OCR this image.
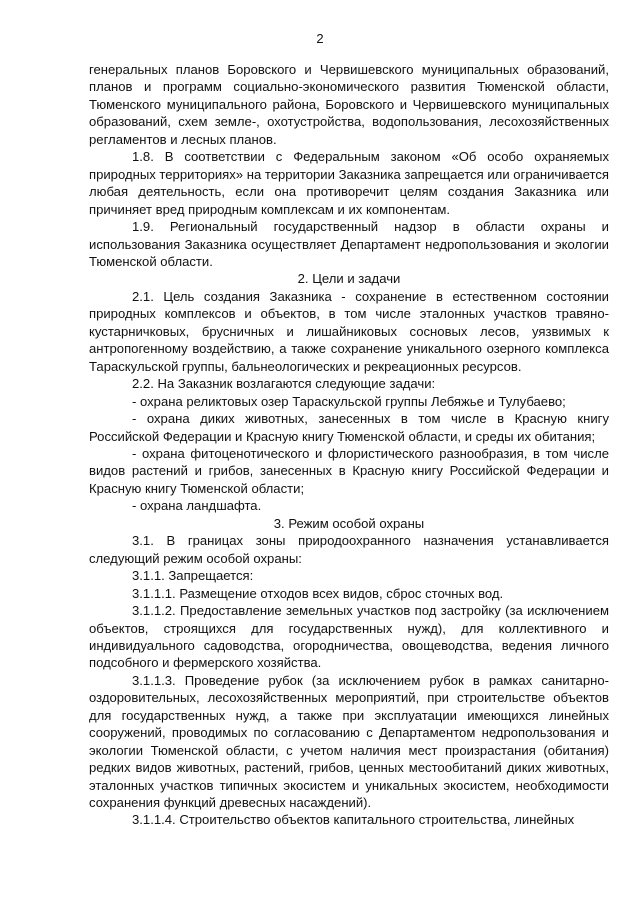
2

генеральных планов Боровского и Червишевского муниципальных образований, планов и программ социально-экономического развития Тюменской области, Тюменского муниципального района, Боровского и Червишевского муниципальных образований, схем земле-, охотустройства, водопользования, лесохозяйственных регламентов и лесных планов.

1.8. В соответствии с Федеральным законом «Об особо охраняемых природных территориях» на территории Заказника запрещается или ограничивается любая деятельность, если она противоречит целям создания Заказника или причиняет вред природным комплексам и их компонентам.

1.9. Региональный государственный надзор в области охраны и использования Заказника осуществляет Департамент недропользования и экологии Тюменской области.

2. Цели и задачи

2.1. Цель создания Заказника - сохранение в естественном состоянии природных комплексов и объектов, в том числе эталонных участков травяно-кустарничковых, брусничных и лишайниковых сосновых лесов, уязвимых к антропогенному воздействию, а также сохранение уникального озерного комплекса Тараскульской группы, бальнеологических и рекреационных ресурсов.

2.2. На Заказник возлагаются следующие задачи:

- охрана реликтовых озер Тараскульской группы Лебяжье и Тулубаево;

- охрана диких животных, занесенных в том числе в Красную книгу Российской Федерации и Красную книгу Тюменской области, и среды их обитания;

- охрана фитоценотического и флористического разнообразия, в том числе видов растений и грибов, занесенных в Красную книгу Российской Федерации и Красную книгу Тюменской области;

- охрана ландшафта.

3. Режим особой охраны

3.1. В границах зоны природоохранного назначения устанавливается следующий режим особой охраны:

3.1.1. Запрещается:

3.1.1.1. Размещение отходов всех видов, сброс сточных вод.

3.1.1.2. Предоставление земельных участков под застройку (за исключением объектов, строящихся для государственных нужд), для коллективного и индивидуального садоводства, огородничества, овощеводства, ведения личного подсобного и фермерского хозяйства.

3.1.1.3. Проведение рубок (за исключением рубок в рамках санитарно-оздоровительных, лесохозяйственных мероприятий, при строительстве объектов для государственных нужд, а также при эксплуатации имеющихся линейных сооружений, проводимых по согласованию с Департаментом недропользования и экологии Тюменской области, с учетом наличия мест произрастания (обитания) редких видов животных, растений, грибов, ценных местообитаний диких животных, эталонных участков типичных экосистем и уникальных экосистем, необходимости сохранения функций древесных насаждений).

3.1.1.4. Строительство объектов капитального строительства, линейных
